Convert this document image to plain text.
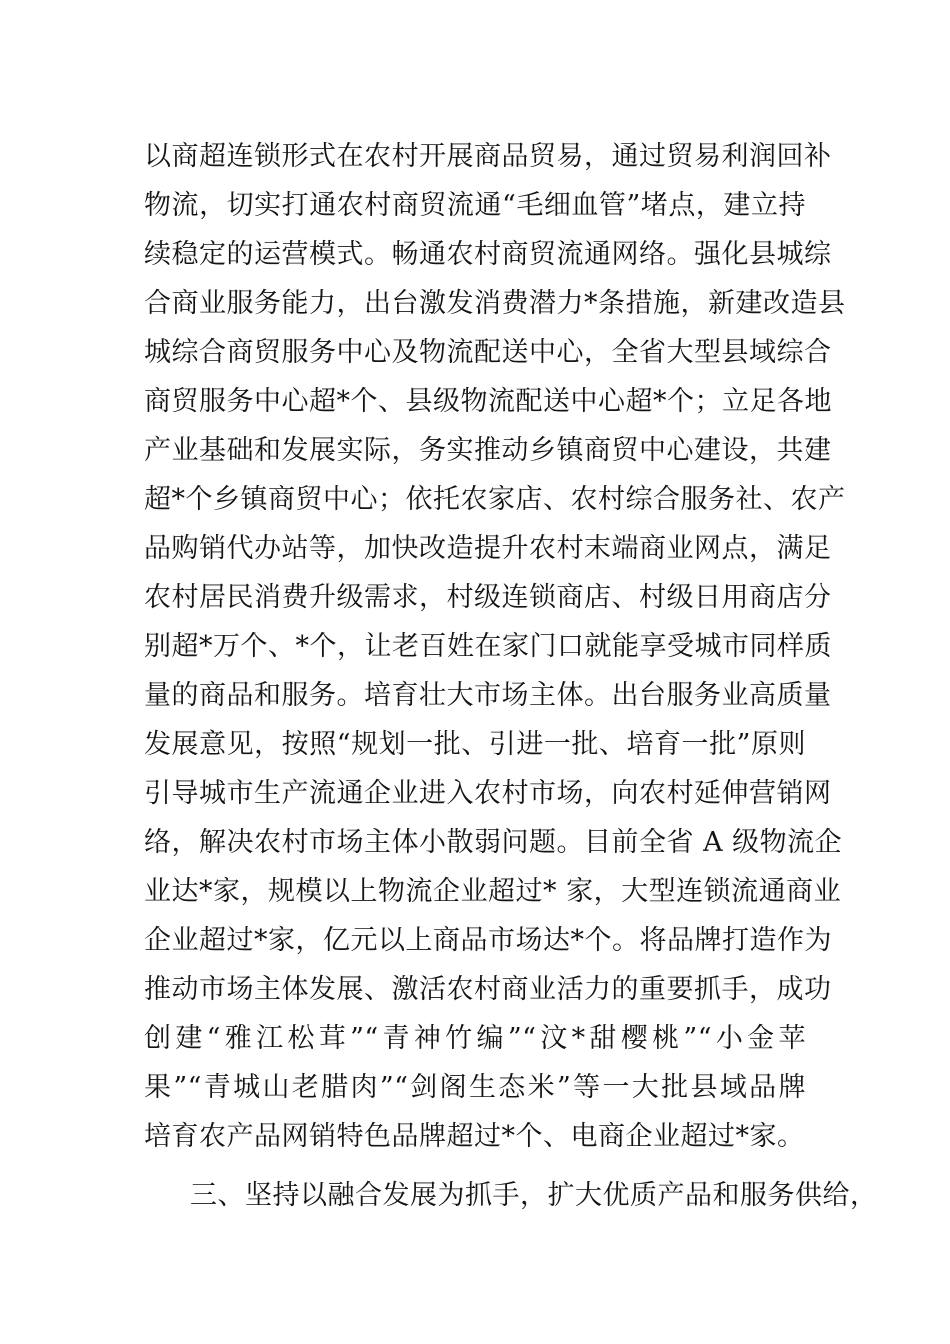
以商超连锁形式在农村开展商品贸易，通过贸易利润回补
物流，切实打通农村商贸流通“毛细血管”堵点，建立持
续稳定的运营模式。畅通农村商贸流通网络。强化县城综
合商业服务能力，出台激发消费潜力*条措施，新建改造县
城综合商贸服务中心及物流配送中心，全省大型县域综合
商贸服务中心超*个、县级物流配送中心超*个；立足各地
产业基础和发展实际，务实推动乡镇商贸中心建设，共建
超*个乡镇商贸中心；依托农家店、农村综合服务社、农产
品购销代办站等，加快改造提升农村末端商业网点，满足
农村居民消费升级需求，村级连锁商店、村级日用商店分
别超*万个、*个，让老百姓在家门口就能享受城市同样质
量的商品和服务。培育壮大市场主体。出台服务业高质量
发展意见，按照“规划一批、引进一批、培育一批”原则
引导城市生产流通企业进入农村市场，向农村延伸营销网
络，解决农村市场主体小散弱问题。目前全省 A 级物流企
业达*家，规模以上物流企业超过* 家，大型连锁流通商业
企业超过*家，亿元以上商品市场达*个。将品牌打造作为
推动市场主体发展、激活农村商业活力的重要抓手，成功
创建“雅江松茸”“青神竹编”“汶*甜樱桃”“小金苹
果”“青城山老腊肉”“剑阁生态米”等一大批县域品牌
培育农产品网销特色品牌超过*个、电商企业超过*家。
三、坚持以融合发展为抓手，扩大优质产品和服务供给，
